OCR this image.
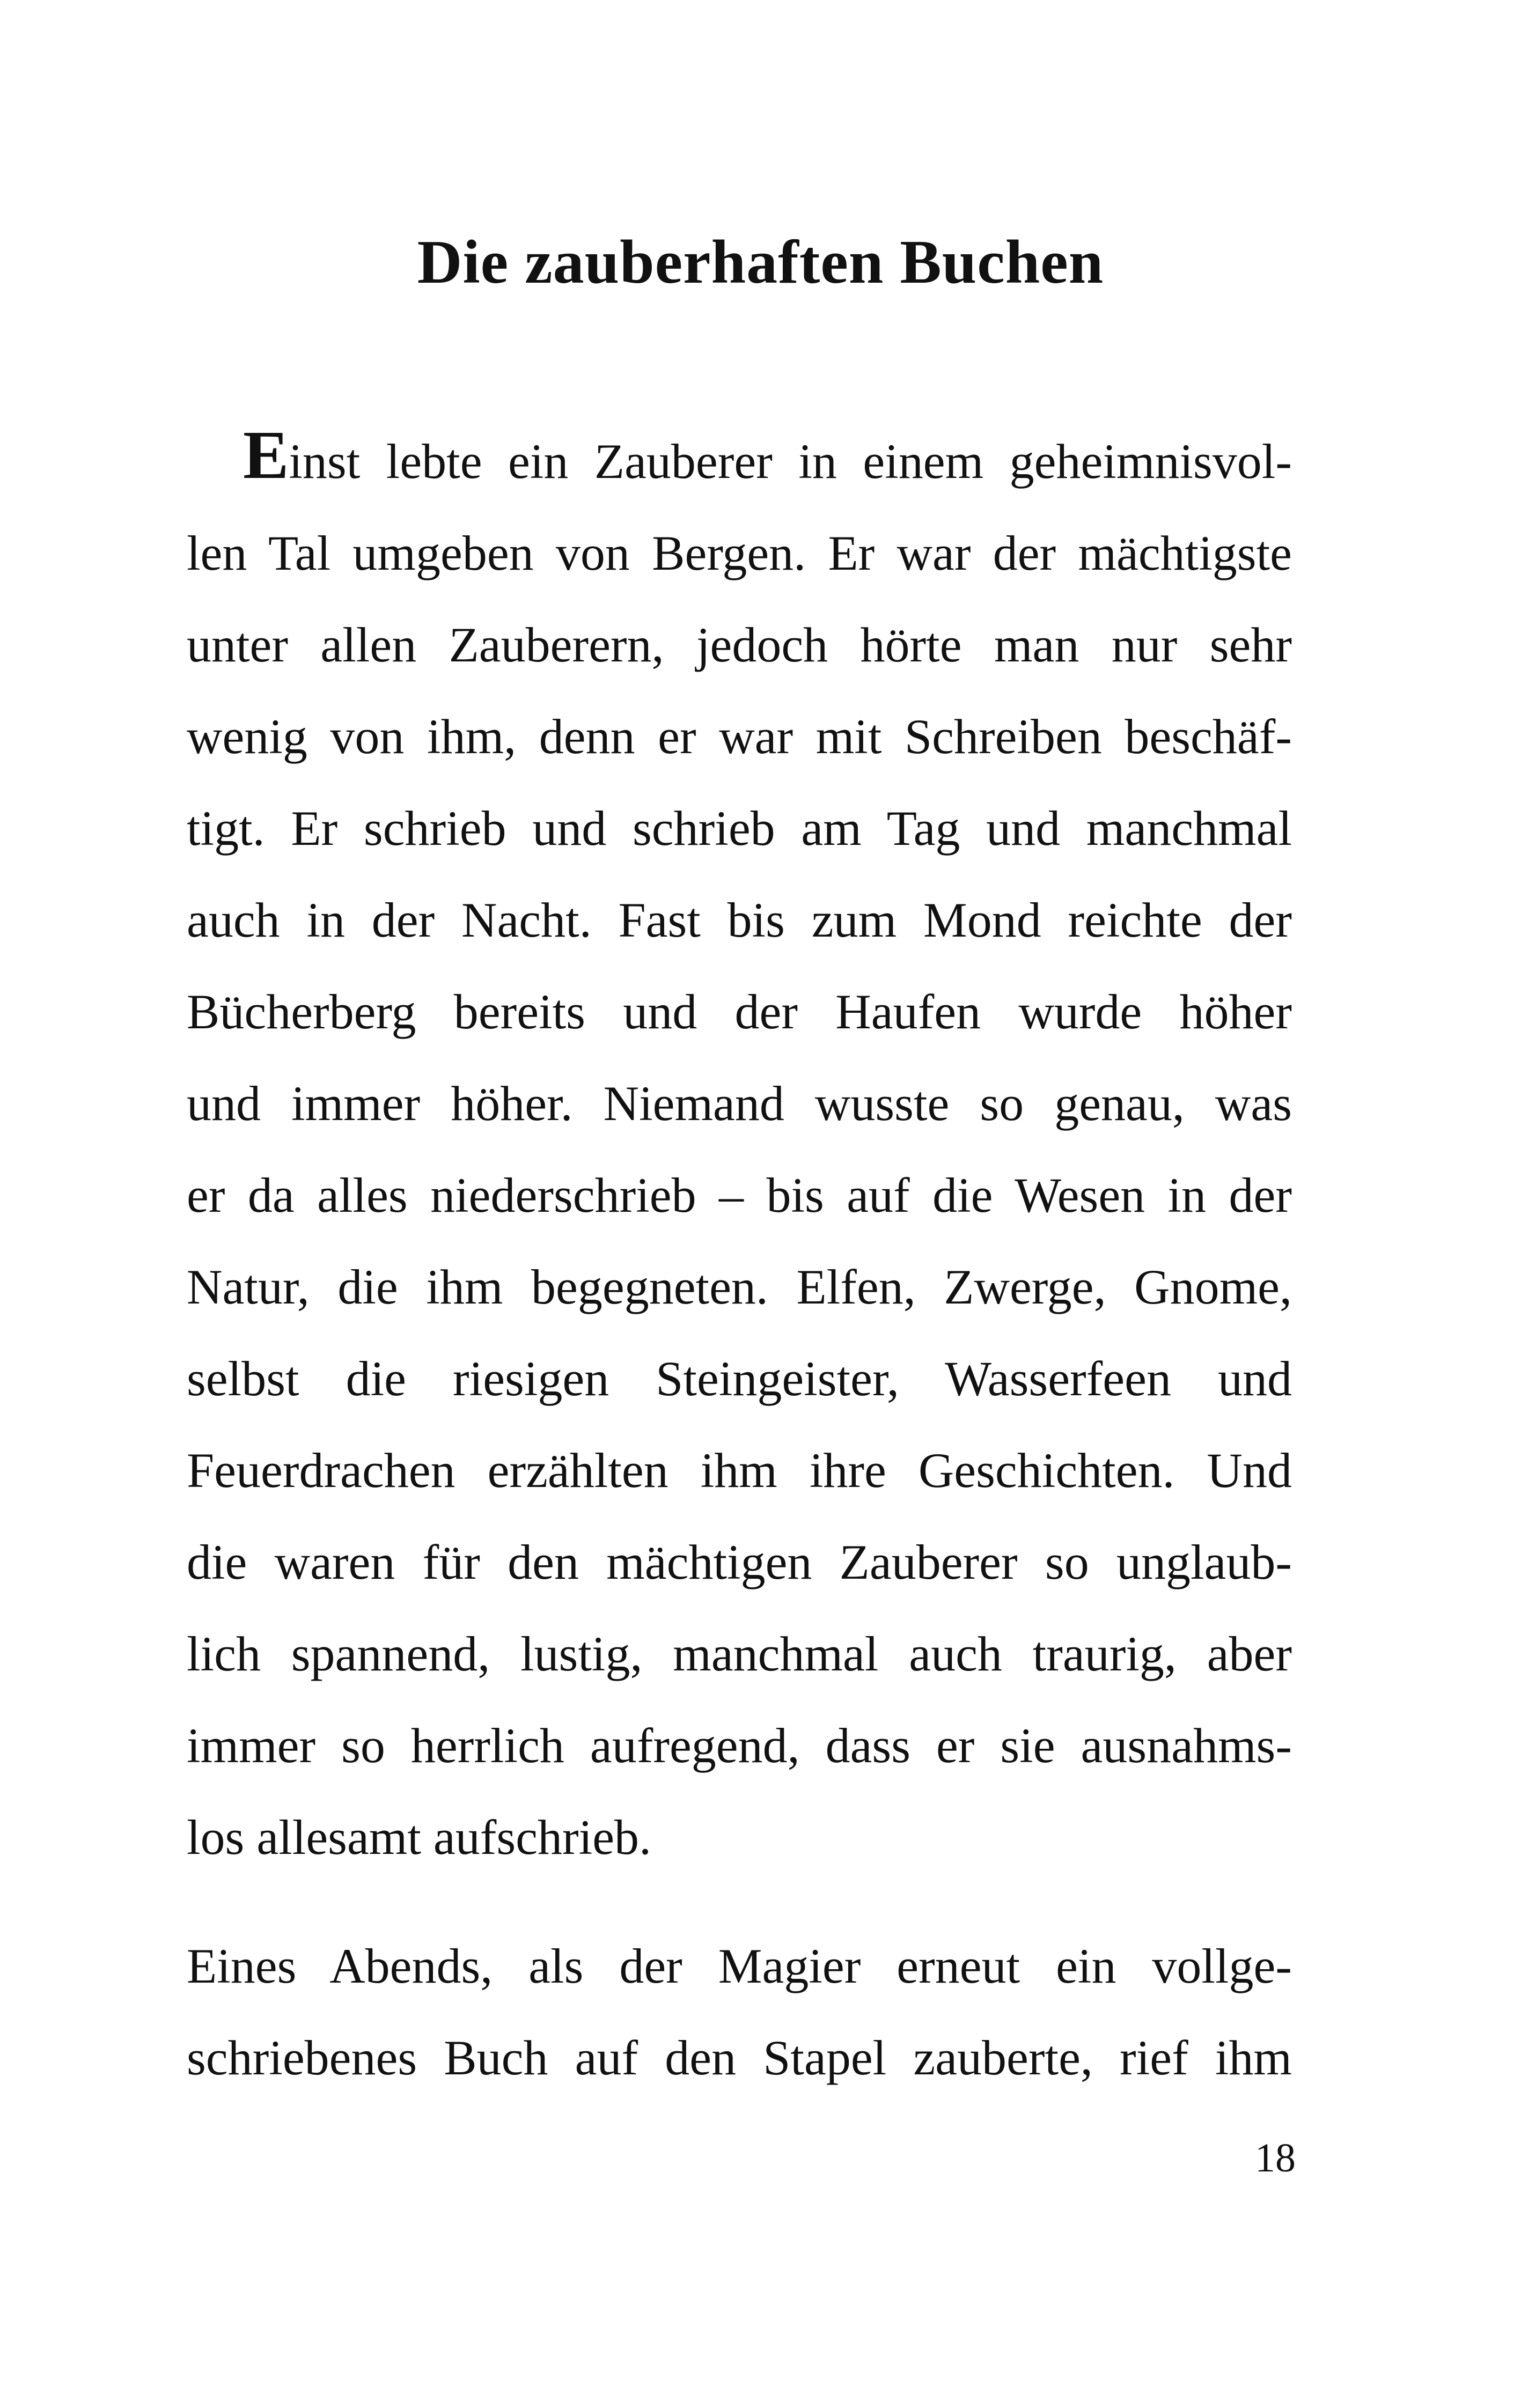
Die zauberhaften Buchen
Einst lebte ein Zauberer in einem geheimnisvol-
len Tal umgeben von Bergen. Er war der mächtigste
unter allen Zauberern, jedoch hörte man nur sehr
wenig von ihm, denn er war mit Schreiben beschäf-
tigt. Er schrieb und schrieb am Tag und manchmal
auch in der Nacht. Fast bis zum Mond reichte der
Bücherberg bereits und der Haufen wurde höher
und immer höher. Niemand wusste so genau, was
er da alles niederschrieb – bis auf die Wesen in der
Natur, die ihm begegneten. Elfen, Zwerge, Gnome,
selbst die riesigen Steingeister, Wasserfeen und
Feuerdrachen erzählten ihm ihre Geschichten. Und
die waren für den mächtigen Zauberer so unglaub-
lich spannend, lustig, manchmal auch traurig, aber
immer so herrlich aufregend, dass er sie ausnahms-
los allesamt aufschrieb.
Eines Abends, als der Magier erneut ein vollge-
schriebenes Buch auf den Stapel zauberte, rief ihm

18
